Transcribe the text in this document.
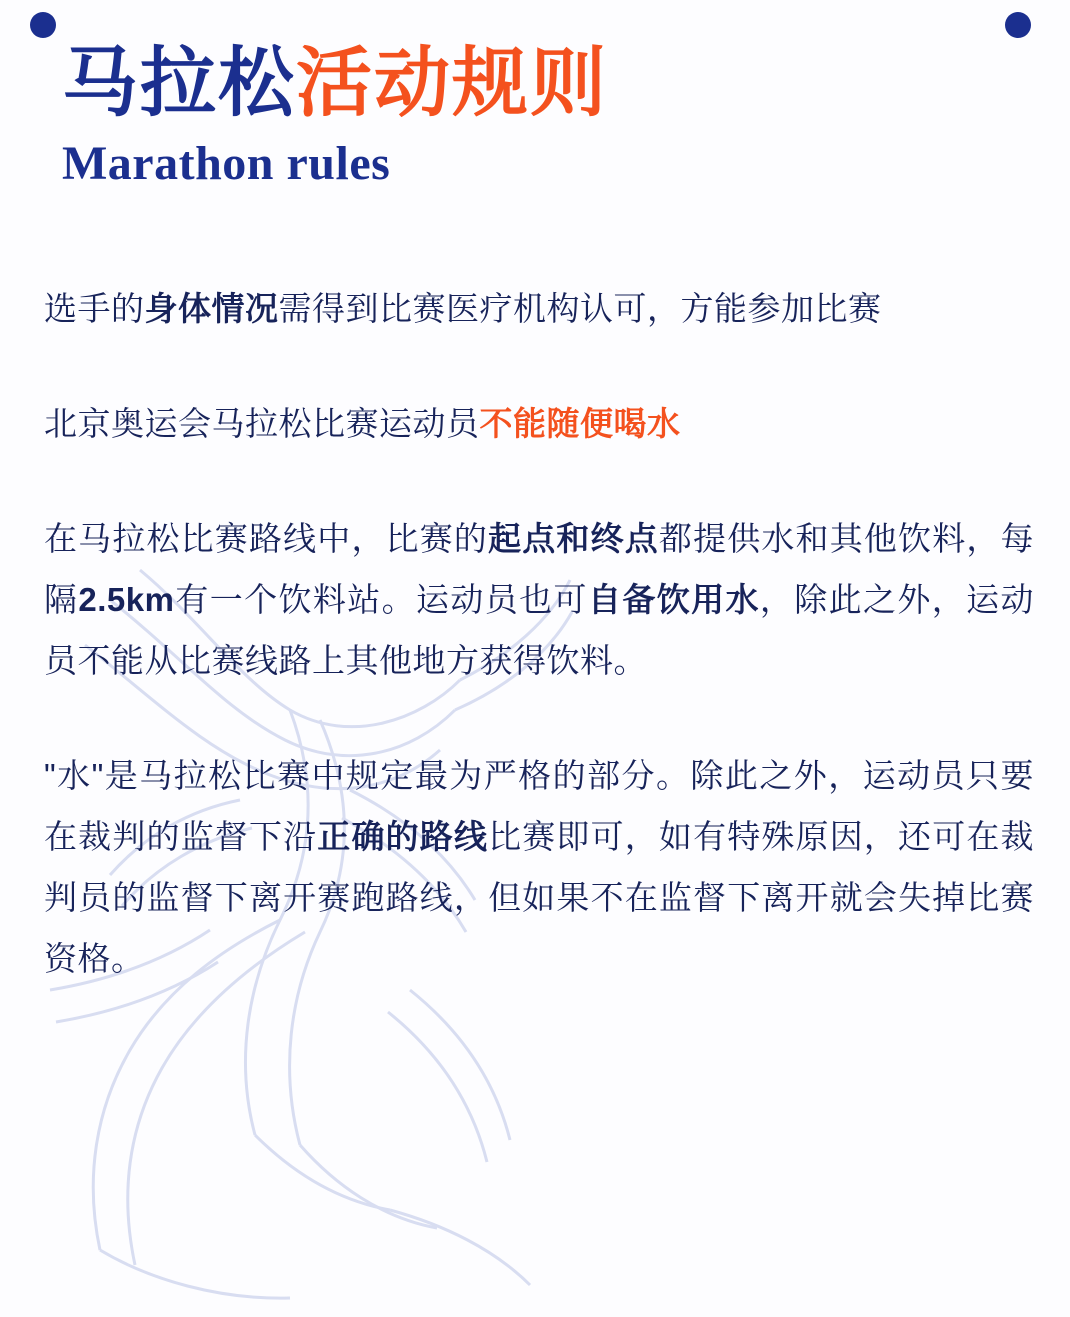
马拉松活动规则
Marathon rules

选手的身体情况需得到比赛医疗机构认可，方能参加比赛

北京奥运会马拉松比赛运动员不能随便喝水

在马拉松比赛路线中，比赛的起点和终点都提供水和其他饮料，每隔2.5km有一个饮料站。运动员也可自备饮用水，除此之外，运动员不能从比赛线路上其他地方获得饮料。

"水"是马拉松比赛中规定最为严格的部分。除此之外，运动员只要在裁判的监督下沿正确的路线比赛即可，如有特殊原因，还可在裁判员的监督下离开赛跑路线，但如果不在监督下离开就会失掉比赛资格。
